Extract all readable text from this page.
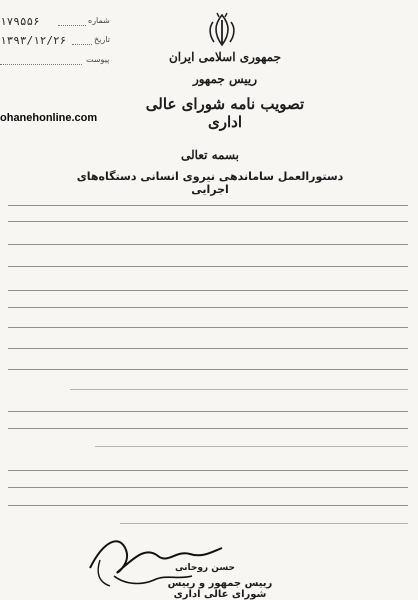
جمهوری اسلامی ایران
رییس جمهور
تصویب نامه شورای عالی اداری
۱۷۹۵۵۶	شماره
۱۳۹۳/۱۲/۲۶	تاریخ
پیوست
ohanehonline.com
بسمه تعالی
دستورالعمل ساماندهی نیروی انسانی دستگاه‌های اجرایی
حسن روحانی
رییس جمهور و رییس شورای عالی اداری
